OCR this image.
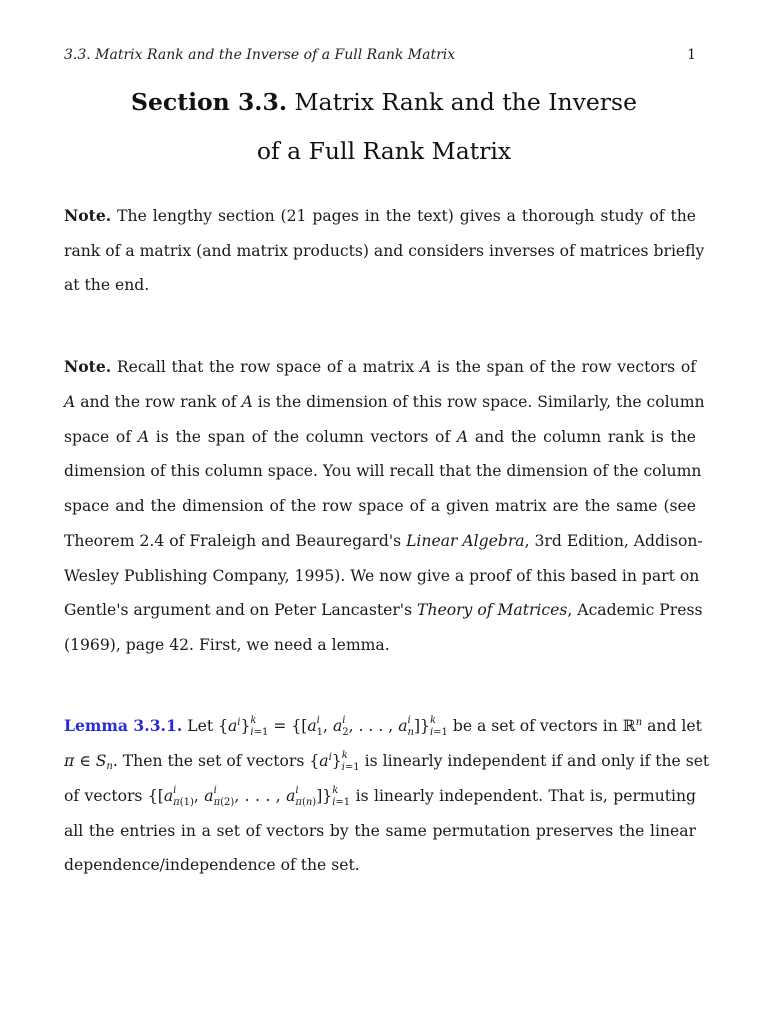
3.3. Matrix Rank and the Inverse of a Full Rank Matrix	1
Section 3.3. Matrix Rank and the Inverse
of a Full Rank Matrix
Note. The lengthy section (21 pages in the text) gives a thorough study of the
rank of a matrix (and matrix products) and considers inverses of matrices briefly
at the end.
Note. Recall that the row space of a matrix A is the span of the row vectors of
A and the row rank of A is the dimension of this row space. Similarly, the column
space of A is the span of the column vectors of A and the column rank is the
dimension of this column space. You will recall that the dimension of the column
space and the dimension of the row space of a given matrix are the same (see
Theorem 2.4 of Fraleigh and Beauregard's Linear Algebra, 3rd Edition, Addison-
Wesley Publishing Company, 1995). We now give a proof of this based in part on
Gentle's argument and on Peter Lancaster's Theory of Matrices, Academic Press
(1969), page 42. First, we need a lemma.
Lemma 3.3.1. Let $\{a^i\}$ k
i=1 = {[a i
1 , a i
2 , . . . , a i
n ]} k
i=1 be a set of vectors in ℝ$^n$ and let
π ∈ $S_n$. Then the set of vectors $\{a^i\}$ k
i=1 is linearly independent if and only if the set
of vectors {[a i
π(1) , a i
π(2) , . . . , a i
π(n) ]} k
i=1 is linearly independent. That is, permuting
all the entries in a set of vectors by the same permutation preserves the linear
dependence/independence of the set.
